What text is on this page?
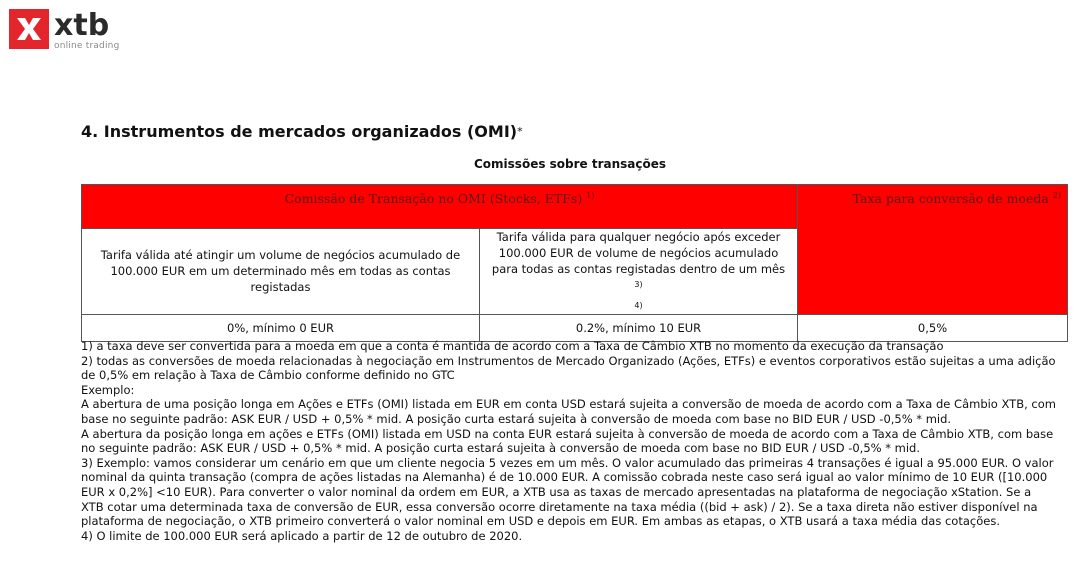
xtb
online trading
4. Instrumentos de mercados organizados (OMI)*
Comissões sobre transações
Comissão de Transação no OMI (Stocks, ETFs) $^{1)}$		Taxa para conversão de moeda $^{2)}$
Tarifa válida até atingir um volume de negócios acumulado de 100.000 EUR em um determinado mês em todas as contas registadas	Tarifa válida para qualquer negócio após exceder 100.000 EUR de volume de negócios acumulado para todas as contas registadas dentro de um mês $^{3)}$
4)	
0%, mínimo 0 EUR	0.2%, mínimo 10 EUR	0,5%

1) a taxa deve ser convertida para a moeda em que a conta é mantida de acordo com a Taxa de Câmbio XTB no momento da execução da transação

2) todas as conversões de moeda relacionadas à negociação em Instrumentos de Mercado Organizado (Ações, ETFs) e eventos corporativos estão sujeitas a uma adição de 0,5% em relação à Taxa de Câmbio conforme definido no GTC

Exemplo:

A abertura de uma posição longa em Ações e ETFs (OMI) listada em EUR em conta USD estará sujeita a conversão de moeda de acordo com a Taxa de Câmbio XTB, com base no seguinte padrão: ASK EUR / USD + 0,5% * mid. A posição curta estará sujeita à conversão de moeda com base no BID EUR / USD -0,5% * mid.

A abertura da posição longa em ações e ETFs (OMI) listada em USD na conta EUR estará sujeita à conversão de moeda de acordo com a Taxa de Câmbio XTB, com base no seguinte padrão: ASK EUR / USD + 0,5% * mid. A posição curta estará sujeita à conversão de moeda com base no BID EUR / USD -0,5% * mid.

3) Exemplo: vamos considerar um cenário em que um cliente negocia 5 vezes em um mês. O valor acumulado das primeiras 4 transações é igual a 95.000 EUR. O valor nominal da quinta transação (compra de ações listadas na Alemanha) é de 10.000 EUR. A comissão cobrada neste caso será igual ao valor mínimo de 10 EUR ([10.000 EUR x 0,2%] <10 EUR). Para converter o valor nominal da ordem em EUR, a XTB usa as taxas de mercado apresentadas na plataforma de negociação xStation. Se a XTB cotar uma determinada taxa de conversão de EUR, essa conversão ocorre diretamente na taxa média ((bid + ask) / 2). Se a taxa direta não estiver disponível na plataforma de negociação, o XTB primeiro converterá o valor nominal em USD e depois em EUR. Em ambas as etapas, o XTB usará a taxa média das cotações.

4) O limite de 100.000 EUR será aplicado a partir de 12 de outubro de 2020.
